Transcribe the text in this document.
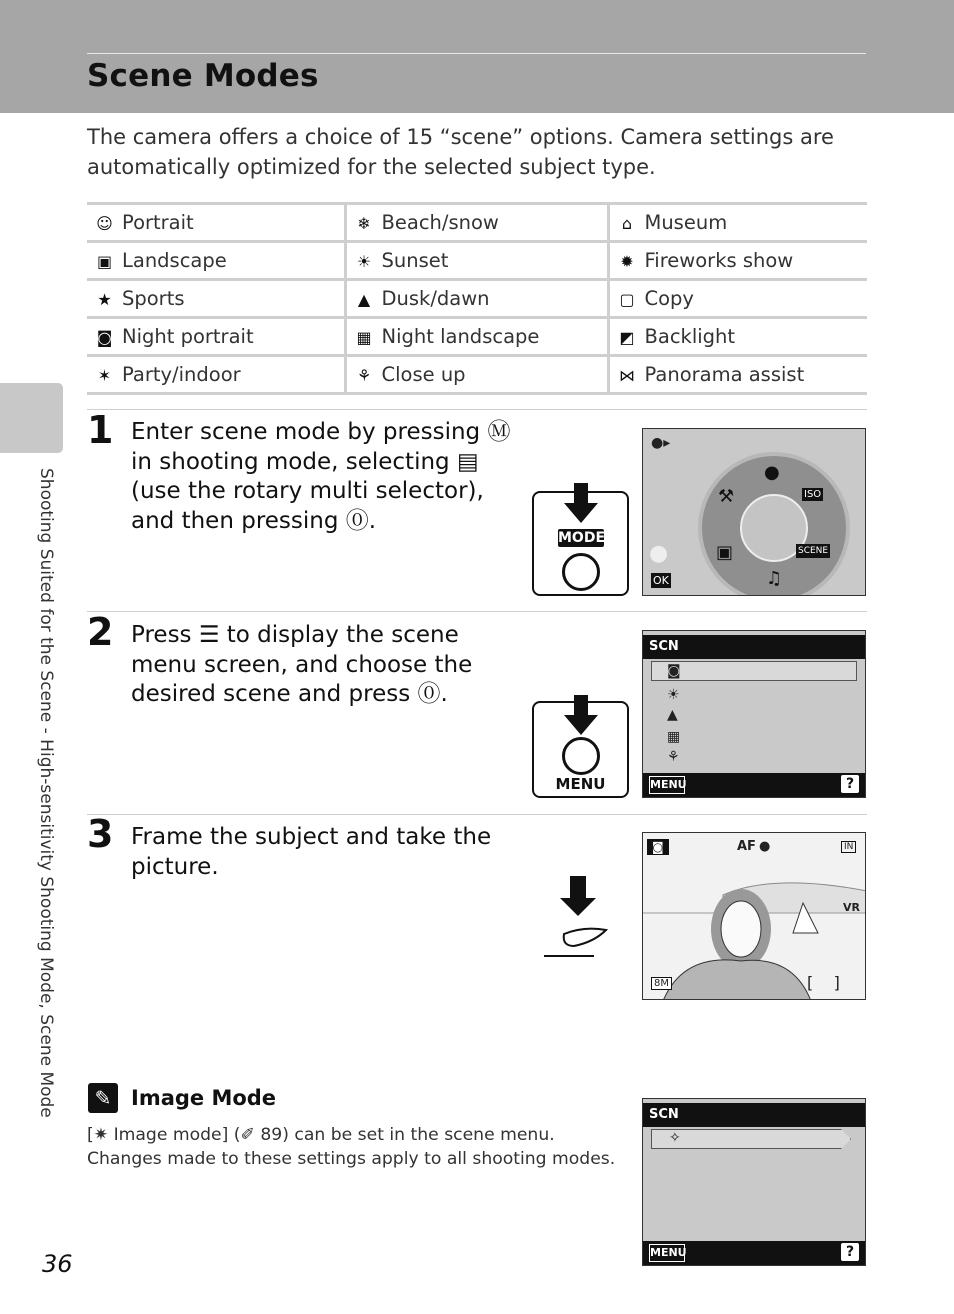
Scene Modes
The camera offers a choice of 15 “scene” options. Camera settings are automatically optimized for the selected subject type.
☺ Portrait	❄ Beach/snow	⌂ Museum
▣ Landscape	☀ Sunset	✹ Fireworks show
★ Sports	▲ Dusk/dawn	▢ Copy
◙ Night portrait	▦ Night landscape	◩ Backlight
✶ Party/indoor	⚘ Close up	⋈ Panorama assist
Shooting Suited for the Scene - High-sensitivity Shooting Mode, Scene Mode
1 Enter scene mode by pressing Ⓜ in shooting mode, selecting ▤ (use the rotary multi selector), and then pressing ⓪.
MODE
●
⚒	ISO
▣	SCENE
♫
●▸
●
OK
2 Press ☰ to display the scene menu screen, and choose the desired scene and press ⓪.
MENU
SCN
◙
☀
▲
▦
⚘
MENU	?
3 Frame the subject and take the picture.
◙	AF ●	IN
VR
8M	[    ]
✎ Image Mode
[✷ Image mode] (✐ 89) can be set in the scene menu. Changes made to these settings apply to all shooting modes.
SCN
✧
MENU	?
36
